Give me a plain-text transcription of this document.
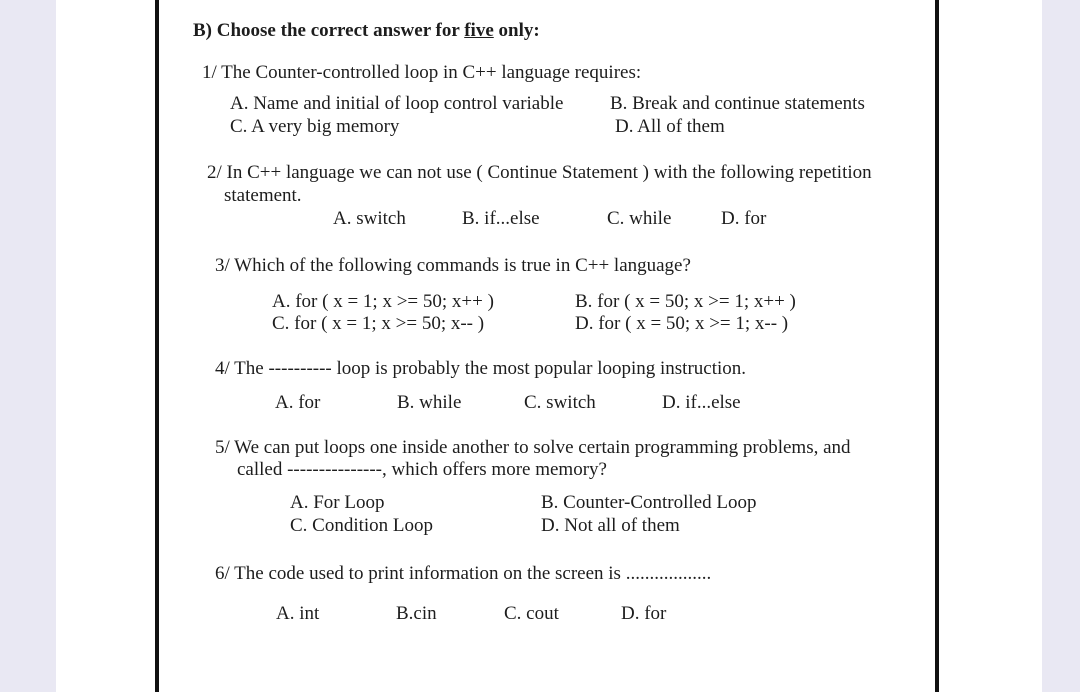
B) Choose the correct answer for five only:
1/ The Counter-controlled loop in C++ language requires:
A. Name and initial of loop control variable B. Break and continue statements
C. A very big memory	D. All of them
2/ In C++ language we can not use ( Continue Statement ) with the following repetition
statement.
A. switch	B. if...else	C. while	D. for
3/ Which of the following commands is true in C++ language?
A. for ( x = 1; x >= 50; x++ )	B. for ( x = 50; x >= 1; x++ )
C. for ( x = 1; x >= 50; x-- )	D. for ( x = 50; x >= 1; x-- )
4/ The ---------- loop is probably the most popular looping instruction.
A. for	B. while	C. switch	D. if...else
5/ We can put loops one inside another to solve certain programming problems, and
called ---------------, which offers more memory?
A. For Loop	B. Counter-Controlled Loop
C. Condition Loop	D. Not all of them
6/ The code used to print information on the screen is ..................
A. int	B.cin	C. cout	D. for
